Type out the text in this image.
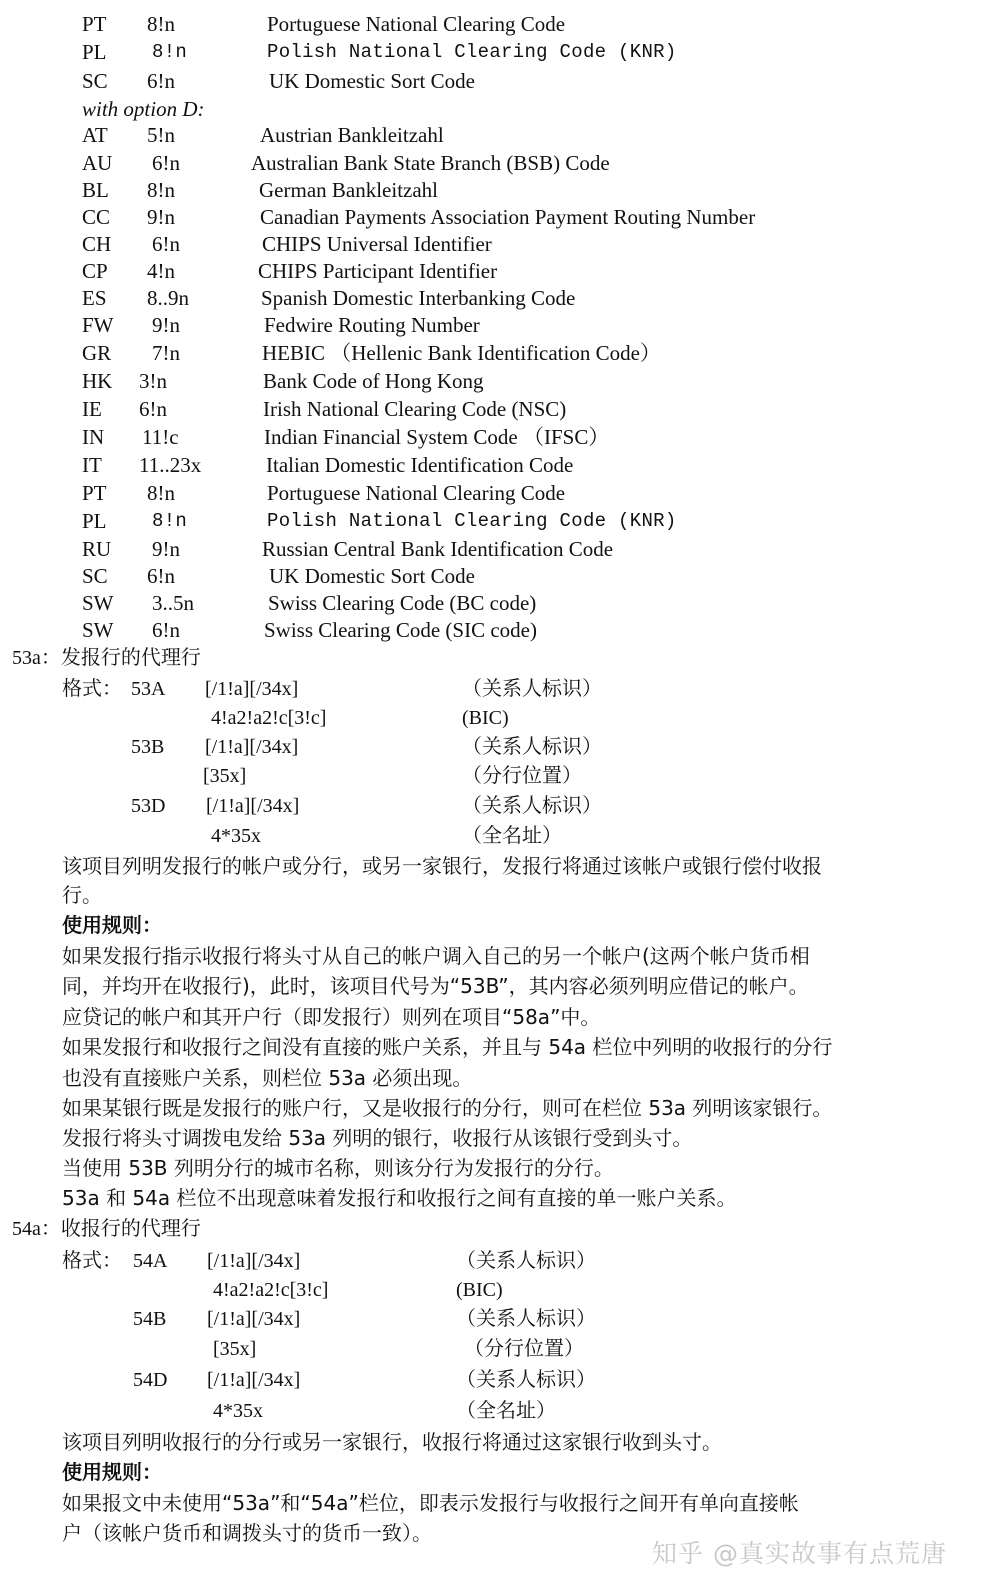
PT 8!n	Portuguese National Clearing Code
PL 8!n	Polish National Clearing Code (KNR)
SC 6!n	UK Domestic Sort Code
with option D:
AT 5!n	Austrian Bankleitzahl
AU 6!n	Australian Bank State Branch (BSB) Code
BL 8!n	German Bankleitzahl
CC 9!n	Canadian Payments Association Payment Routing Number
CH 6!n	CHIPS Universal Identifier
CP 4!n	CHIPS Participant Identifier
ES 8..9n	Spanish Domestic Interbanking Code
FW 9!n	Fedwire Routing Number
GR 7!n	HEBIC （Hellenic Bank Identification Code）
HK 3!n	Bank Code of Hong Kong
IE 6!n	Irish National Clearing Code (NSC)
IN 11!c	Indian Financial System Code （IFSC）
IT 11..23x	Italian Domestic Identification Code
PT 8!n	Portuguese National Clearing Code
PL 8!n	Polish National Clearing Code (KNR)
RU 9!n	Russian Central Bank Identification Code
SC 6!n	UK Domestic Sort Code
SW 3..5n	Swiss Clearing Code (BC code)
SW 6!n	Swiss Clearing Code (SIC code)
53a：发报行的代理行
格式： 53A [/1!a][/34x]	（关系人标识）
4!a2!a2!c[3!c]	(BIC)
53B [/1!a][/34x]	（关系人标识）
[35x]	（分行位置）
53D [/1!a][/34x]	（关系人标识）
4*35x	（全名址）
该项目列明发报行的帐户或分行，或另一家银行，发报行将通过该帐户或银行偿付收报
行。
使用规则：
如果发报行指示收报行将头寸从自己的帐户调入自己的另一个帐户(这两个帐户货币相
同，并均开在收报行)，此时，该项目代号为“53B”，其内容必须列明应借记的帐户。
应贷记的帐户和其开户行（即发报行）则列在项目“58a”中。
如果发报行和收报行之间没有直接的账户关系，并且与 54a 栏位中列明的收报行的分行
也没有直接账户关系，则栏位 53a 必须出现。
如果某银行既是发报行的账户行，又是收报行的分行，则可在栏位 53a 列明该家银行。
发报行将头寸调拨电发给 53a 列明的银行，收报行从该银行受到头寸。
当使用 53B 列明分行的城市名称，则该分行为发报行的分行。
53a 和 54a 栏位不出现意味着发报行和收报行之间有直接的单一账户关系。
54a：收报行的代理行
格式： 54A [/1!a][/34x]	（关系人标识）
4!a2!a2!c[3!c]	(BIC)
54B [/1!a][/34x]	（关系人标识）
[35x]	（分行位置）
54D [/1!a][/34x]	（关系人标识）
4*35x	（全名址）
该项目列明收报行的分行或另一家银行，收报行将通过这家银行收到头寸。
使用规则：
如果报文中未使用“53a”和“54a”栏位，即表示发报行与收报行之间开有单向直接帐
户（该帐户货币和调拨头寸的货币一致）。
知乎 @真实故事有点荒唐
